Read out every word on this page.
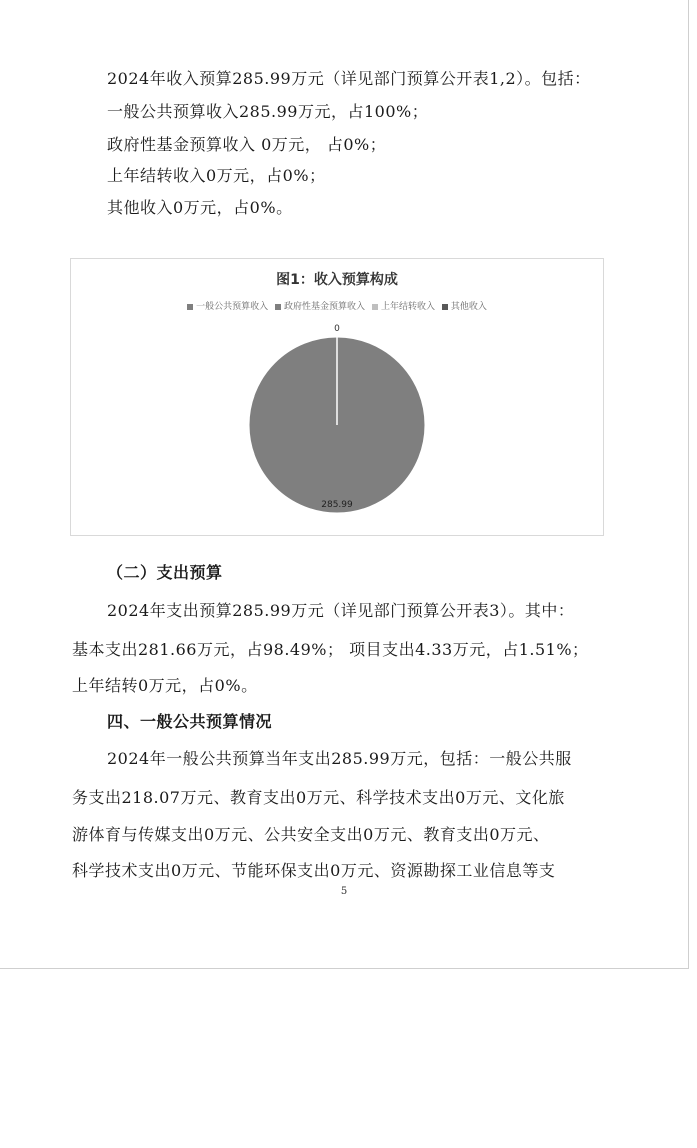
2024年收入预算285.99万元（详见部门预算公开表1,2）。包括：
一般公共预算收入285.99万元，占100%；
政府性基金预算收入 0万元， 占0%；
上年结转收入0万元，占0%；
其他收入0万元，占0%。
图1：收入预算构成
一般公共预算收入 政府性基金预算收入 上年结转收入 其他收入
285.99
0
（二）支出预算
2024年支出预算285.99万元（详见部门预算公开表3）。其中：
基本支出281.66万元，占98.49%； 项目支出4.33万元，占1.51%；
上年结转0万元，占0%。
四、一般公共预算情况
2024年一般公共预算当年支出285.99万元，包括：一般公共服
务支出218.07万元、教育支出0万元、科学技术支出0万元、文化旅
游体育与传媒支出0万元、公共安全支出0万元、教育支出0万元、
科学技术支出0万元、节能环保支出0万元、资源勘探工业信息等支
5
